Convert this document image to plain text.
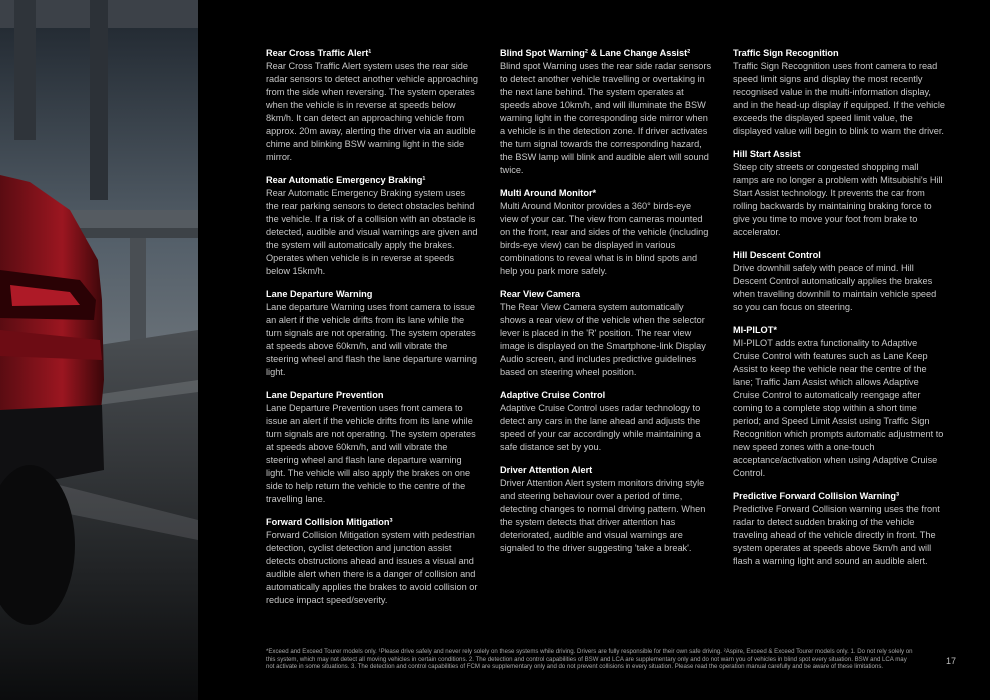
Rear Cross Traffic Alert¹

Rear Cross Traffic Alert system uses the rear side radar sensors to detect another vehicle approaching from the side when reversing. The system operates when the vehicle is in reverse at speeds below 8km/h. It can detect an approaching vehicle from approx. 20m away, alerting the driver via an audible chime and blinking BSW warning light in the side mirror.

Rear Automatic Emergency Braking¹

Rear Automatic Emergency Braking system uses the rear parking sensors to detect obstacles behind the vehicle. If a risk of a collision with an obstacle is detected, audible and visual warnings are given and the system will automatically apply the brakes. Operates when vehicle is in reverse at speeds below 15km/h.

Lane Departure Warning

Lane departure Warning uses front camera to issue an alert if the vehicle drifts from its lane while the turn signals are not operating. The system operates at speeds above 60km/h, and will vibrate the steering wheel and flash the lane departure warning light.

Lane Departure Prevention

Lane Departure Prevention uses front camera to issue an alert if the vehicle drifts from its lane while turn signals are not operating. The system operates at speeds above 60km/h, and will vibrate the steering wheel and flash lane departure warning light. The vehicle will also apply the brakes on one side to help return the vehicle to the centre of the travelling lane.

Forward Collision Mitigation³

Forward Collision Mitigation system with pedestrian detection, cyclist detection and junction assist detects obstructions ahead and issues a visual and audible alert when there is a danger of collision and automatically applies the brakes to avoid collision or reduce impact speed/severity.

Blind Spot Warning² & Lane Change Assist²

Blind spot Warning uses the rear side radar sensors to detect another vehicle travelling or overtaking in the next lane behind. The system operates at speeds above 10km/h, and will illuminate the BSW warning light in the corresponding side mirror when a vehicle is in the detection zone. If driver activates the turn signal towards the corresponding hazard, the BSW lamp will blink and audible alert will sound twice.

Multi Around Monitor*

Multi Around Monitor provides a 360° birds-eye view of your car. The view from cameras mounted on the front, rear and sides of the vehicle (including birds-eye view) can be displayed in various combinations to reveal what is in blind spots and help you park more safely.

Rear View Camera

The Rear View Camera system automatically shows a rear view of the vehicle when the selector lever is placed in the 'R' position. The rear view image is displayed on the Smartphone-link Display Audio screen, and includes predictive guidelines based on steering wheel position.

Adaptive Cruise Control

Adaptive Cruise Control uses radar technology to detect any cars in the lane ahead and adjusts the speed of your car accordingly while maintaining a safe distance set by you.

Driver Attention Alert

Driver Attention Alert system monitors driving style and steering behaviour over a period of time, detecting changes to normal driving pattern. When the system detects that driver attention has deteriorated, audible and visual warnings are signaled to the driver suggesting 'take a break'.

Traffic Sign Recognition

Traffic Sign Recognition uses front camera to read speed limit signs and display the most recently recognised value in the multi-information display, and in the head-up display if equipped. If the vehicle exceeds the displayed speed limit value, the displayed value will begin to blink to warn the driver.

Hill Start Assist

Steep city streets or congested shopping mall ramps are no longer a problem with Mitsubishi's Hill Start Assist technology. It prevents the car from rolling backwards by maintaining braking force to give you time to move your foot from brake to accelerator.

Hill Descent Control

Drive downhill safely with peace of mind. Hill Descent Control automatically applies the brakes when travelling downhill to maintain vehicle speed so you can focus on steering.

MI-PILOT*

MI-PILOT adds extra functionality to Adaptive Cruise Control with features such as Lane Keep Assist to keep the vehicle near the centre of the lane; Traffic Jam Assist which allows Adaptive Cruise Control to automatically reengage after coming to a complete stop within a short time period; and Speed Limit Assist using Traffic Sign Recognition which prompts automatic adjustment to new speed zones with a one-touch acceptance/activation when using Adaptive Cruise Control.

Predictive Forward Collision Warning³

Predictive Forward Collision warning uses the front radar to detect sudden braking of the vehicle traveling ahead of the vehicle directly in front. The system operates at speeds above 5km/h and will flash a warning light and sound an audible alert.

*Exceed and Exceed Tourer models only. ¹Please drive safely and never rely solely on these systems while driving. Drivers are fully responsible for their own safe driving. ²Aspire, Exceed & Exceed Tourer models only. 1. Do not rely solely on this system, which may not detect all moving vehicles in certain conditions. 2. The detection and control capabilities of BSW and LCA are supplementary only and do not warn you of vehicles in blind spot every situation. BSW and LCA may not activate in some situations. 3. The detection and control capabilities of FCM are supplementary only and do not prevent collisions in every situation. Please read the operation manual carefully and be aware of these limitations.

17
